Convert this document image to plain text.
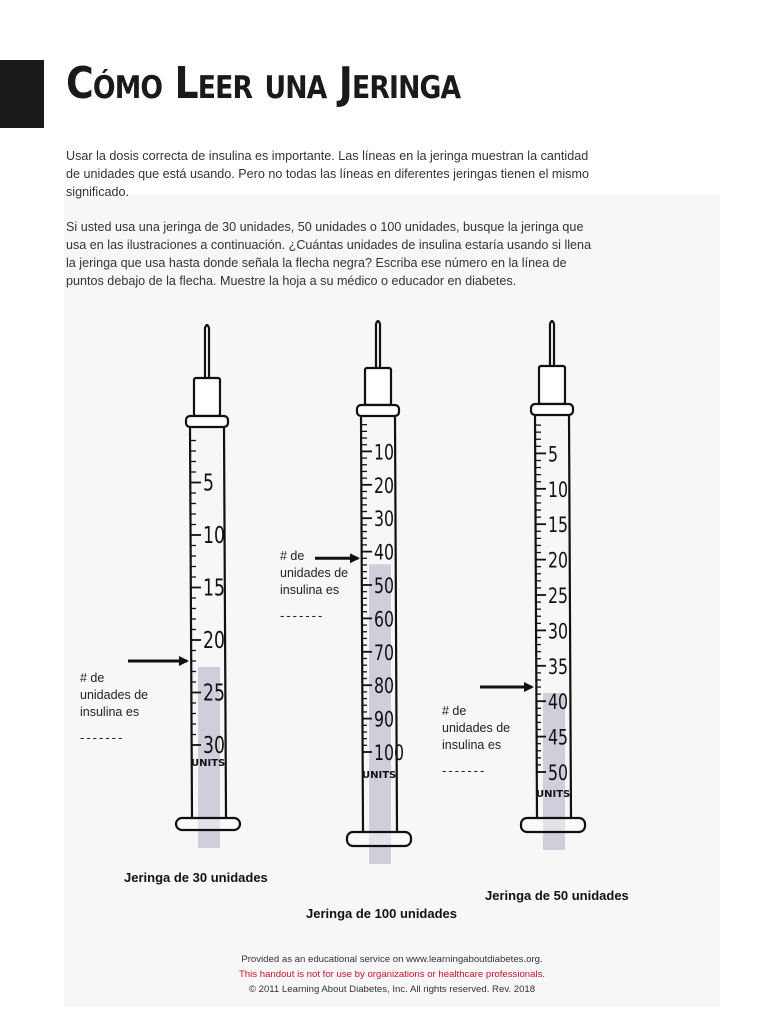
Cómo Leer una Jeringa

Usar la dosis correcta de insulina es importante. Las líneas en la jeringa muestran la cantidad de unidades que está usando. Pero no todas las líneas en diferentes jeringas tienen el mismo significado.

Si usted usa una jeringa de 30 unidades, 50 unidades o 100 unidades, busque la jeringa que usa en las ilustraciones a continuación. ¿Cuántas unidades de insulina estaría usando si llena la jeringa que usa hasta donde señala la flecha negra? Escriba ese número en la línea de puntos debajo de la flecha. Muestre la hoja a su médico o educador en diabetes.

5
10
15
20
25
30
UNITS
10
20
30
40
50
60
70
80
90
100
UNITS
5
10
15
20
25
30
35
40
45
50
UNITS
# de
unidades de
insulina es
-------
# de
unidades de
insulina es
-------
# de
unidades de
insulina es
-------
Jeringa de 30 unidades
Jeringa de 100 unidades
Jeringa de 50 unidades
Provided as an educational service on www.learningaboutdiabetes.org.
This handout is not for use by organizations or healthcare professionals.
© 2011 Learning About Diabetes, Inc. All rights reserved. Rev. 2018
